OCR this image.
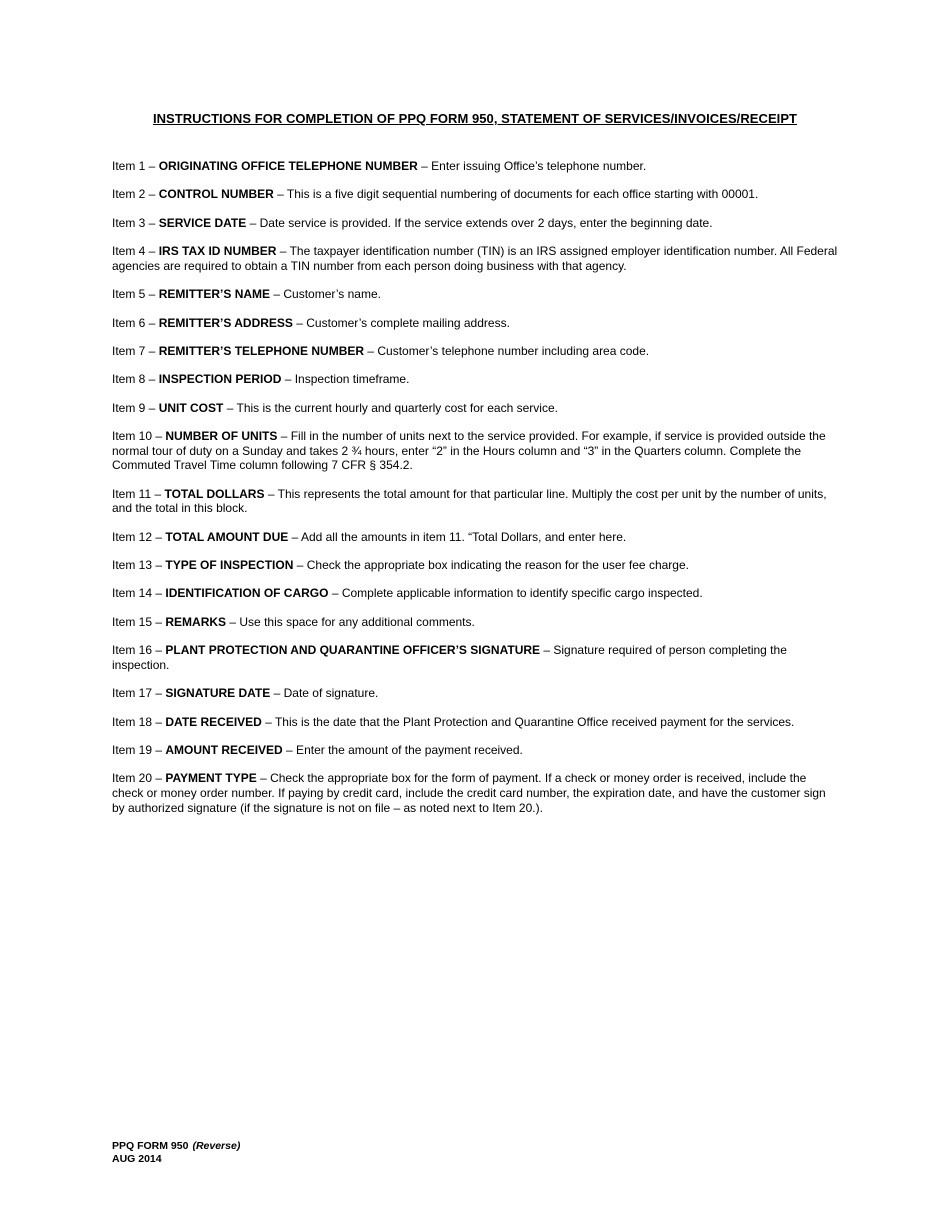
INSTRUCTIONS FOR COMPLETION OF PPQ FORM 950, STATEMENT OF SERVICES/INVOICES/RECEIPT
Item 1 – ORIGINATING OFFICE TELEPHONE NUMBER – Enter issuing Office’s telephone number.
Item 2 – CONTROL NUMBER – This is a five digit sequential numbering of documents for each office starting with 00001.
Item 3 – SERVICE DATE – Date service is provided. If the service extends over 2 days, enter the beginning date.
Item 4 – IRS TAX ID NUMBER – The taxpayer identification number (TIN) is an IRS assigned employer identification number. All Federal agencies are required to obtain a TIN number from each person doing business with that agency.
Item 5 – REMITTER’S NAME – Customer’s name.
Item 6 – REMITTER’S ADDRESS – Customer’s complete mailing address.
Item 7 – REMITTER’S TELEPHONE NUMBER – Customer’s telephone number including area code.
Item 8 – INSPECTION PERIOD – Inspection timeframe.
Item 9 – UNIT COST – This is the current hourly and quarterly cost for each service.
Item 10 – NUMBER OF UNITS – Fill in the number of units next to the service provided. For example, if service is provided outside the normal tour of duty on a Sunday and takes 2 ¾ hours, enter “2” in the Hours column and “3” in the Quarters column. Complete the Commuted Travel Time column following 7 CFR § 354.2.
Item 11 – TOTAL DOLLARS – This represents the total amount for that particular line. Multiply the cost per unit by the number of units, and the total in this block.
Item 12 – TOTAL AMOUNT DUE – Add all the amounts in item 11. “Total Dollars, and enter here.
Item 13 – TYPE OF INSPECTION – Check the appropriate box indicating the reason for the user fee charge.
Item 14 – IDENTIFICATION OF CARGO – Complete applicable information to identify specific cargo inspected.
Item 15 – REMARKS – Use this space for any additional comments.
Item 16 – PLANT PROTECTION AND QUARANTINE OFFICER’S SIGNATURE – Signature required of person completing the inspection.
Item 17 – SIGNATURE DATE – Date of signature.
Item 18 – DATE RECEIVED – This is the date that the Plant Protection and Quarantine Office received payment for the services.
Item 19 – AMOUNT RECEIVED – Enter the amount of the payment received.
Item 20 – PAYMENT TYPE – Check the appropriate box for the form of payment. If a check or money order is received, include the check or money order number. If paying by credit card, include the credit card number, the expiration date, and have the customer sign by authorized signature (if the signature is not on file – as noted next to Item 20.).
PPQ FORM 950 (Reverse)
AUG 2014
